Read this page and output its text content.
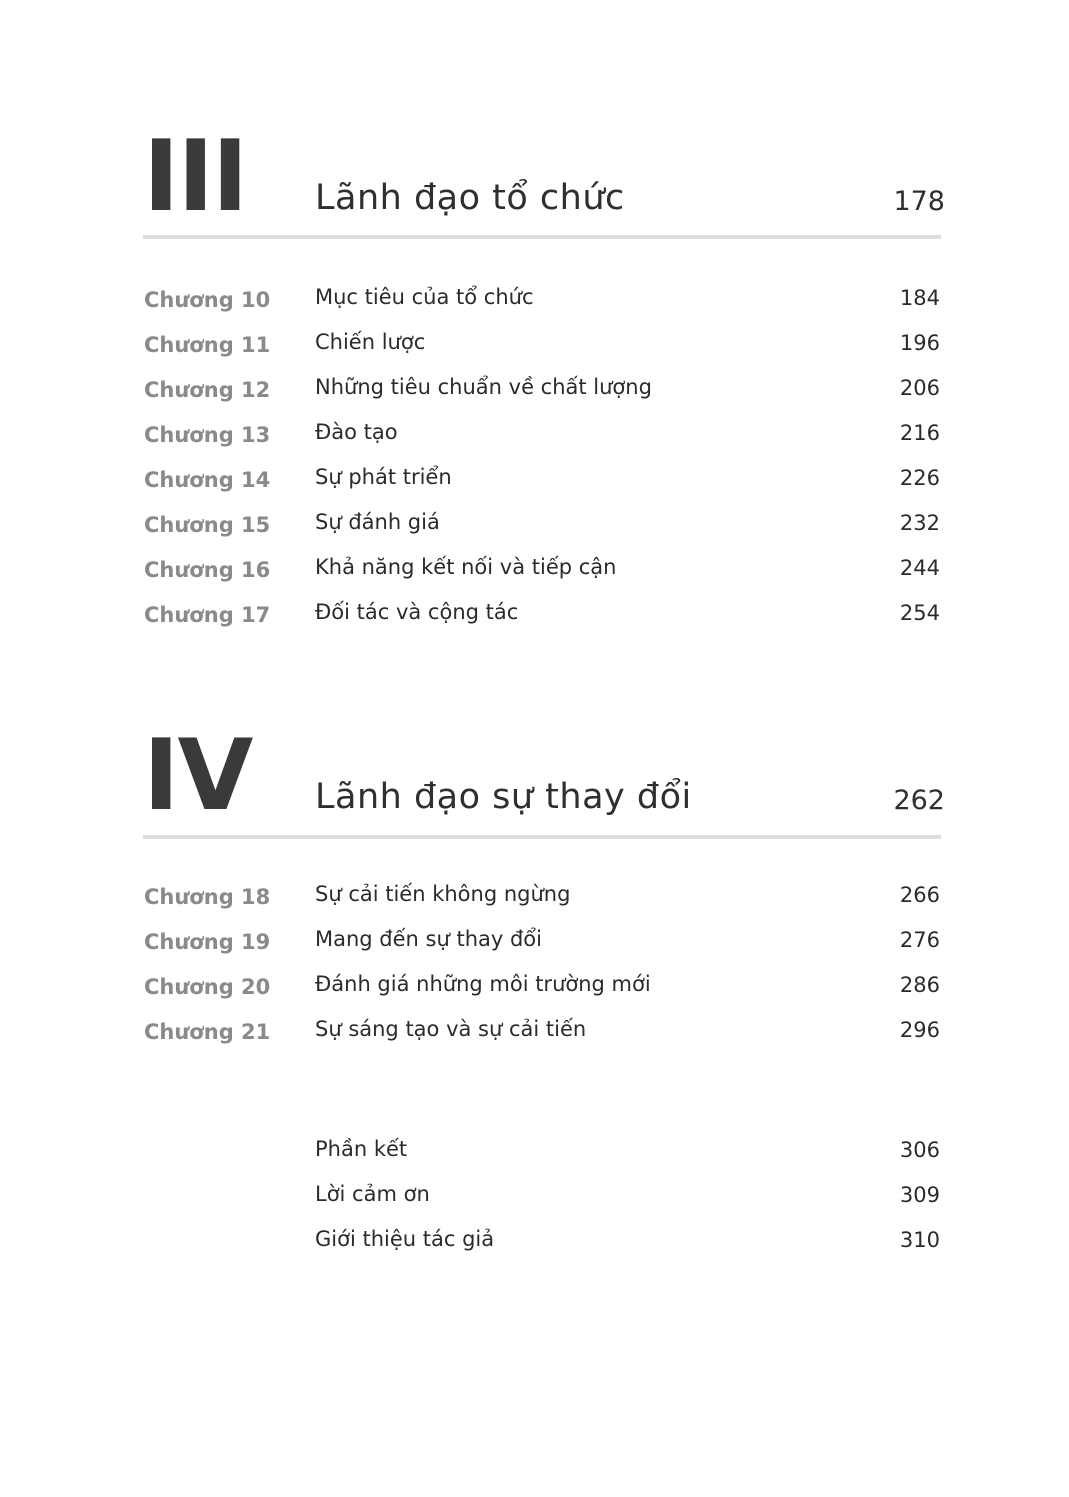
III Lãnh đạo tổ chức	178
Chương 10 Mục tiêu của tổ chức	184
Chương 11 Chiến lược	196
Chương 12 Những tiêu chuẩn về chất lượng	206
Chương 13 Đào tạo	216
Chương 14 Sự phát triển	226
Chương 15 Sự đánh giá	232
Chương 16 Khả năng kết nối và tiếp cận	244
Chương 17 Đối tác và cộng tác	254
IV Lãnh đạo sự thay đổi	262
Chương 18 Sự cải tiến không ngừng	266
Chương 19 Mang đến sự thay đổi	276
Chương 20 Đánh giá những môi trường mới	286
Chương 21 Sự sáng tạo và sự cải tiến	296
Phần kết	306
Lời cảm ơn	309
Giới thiệu tác giả	310
